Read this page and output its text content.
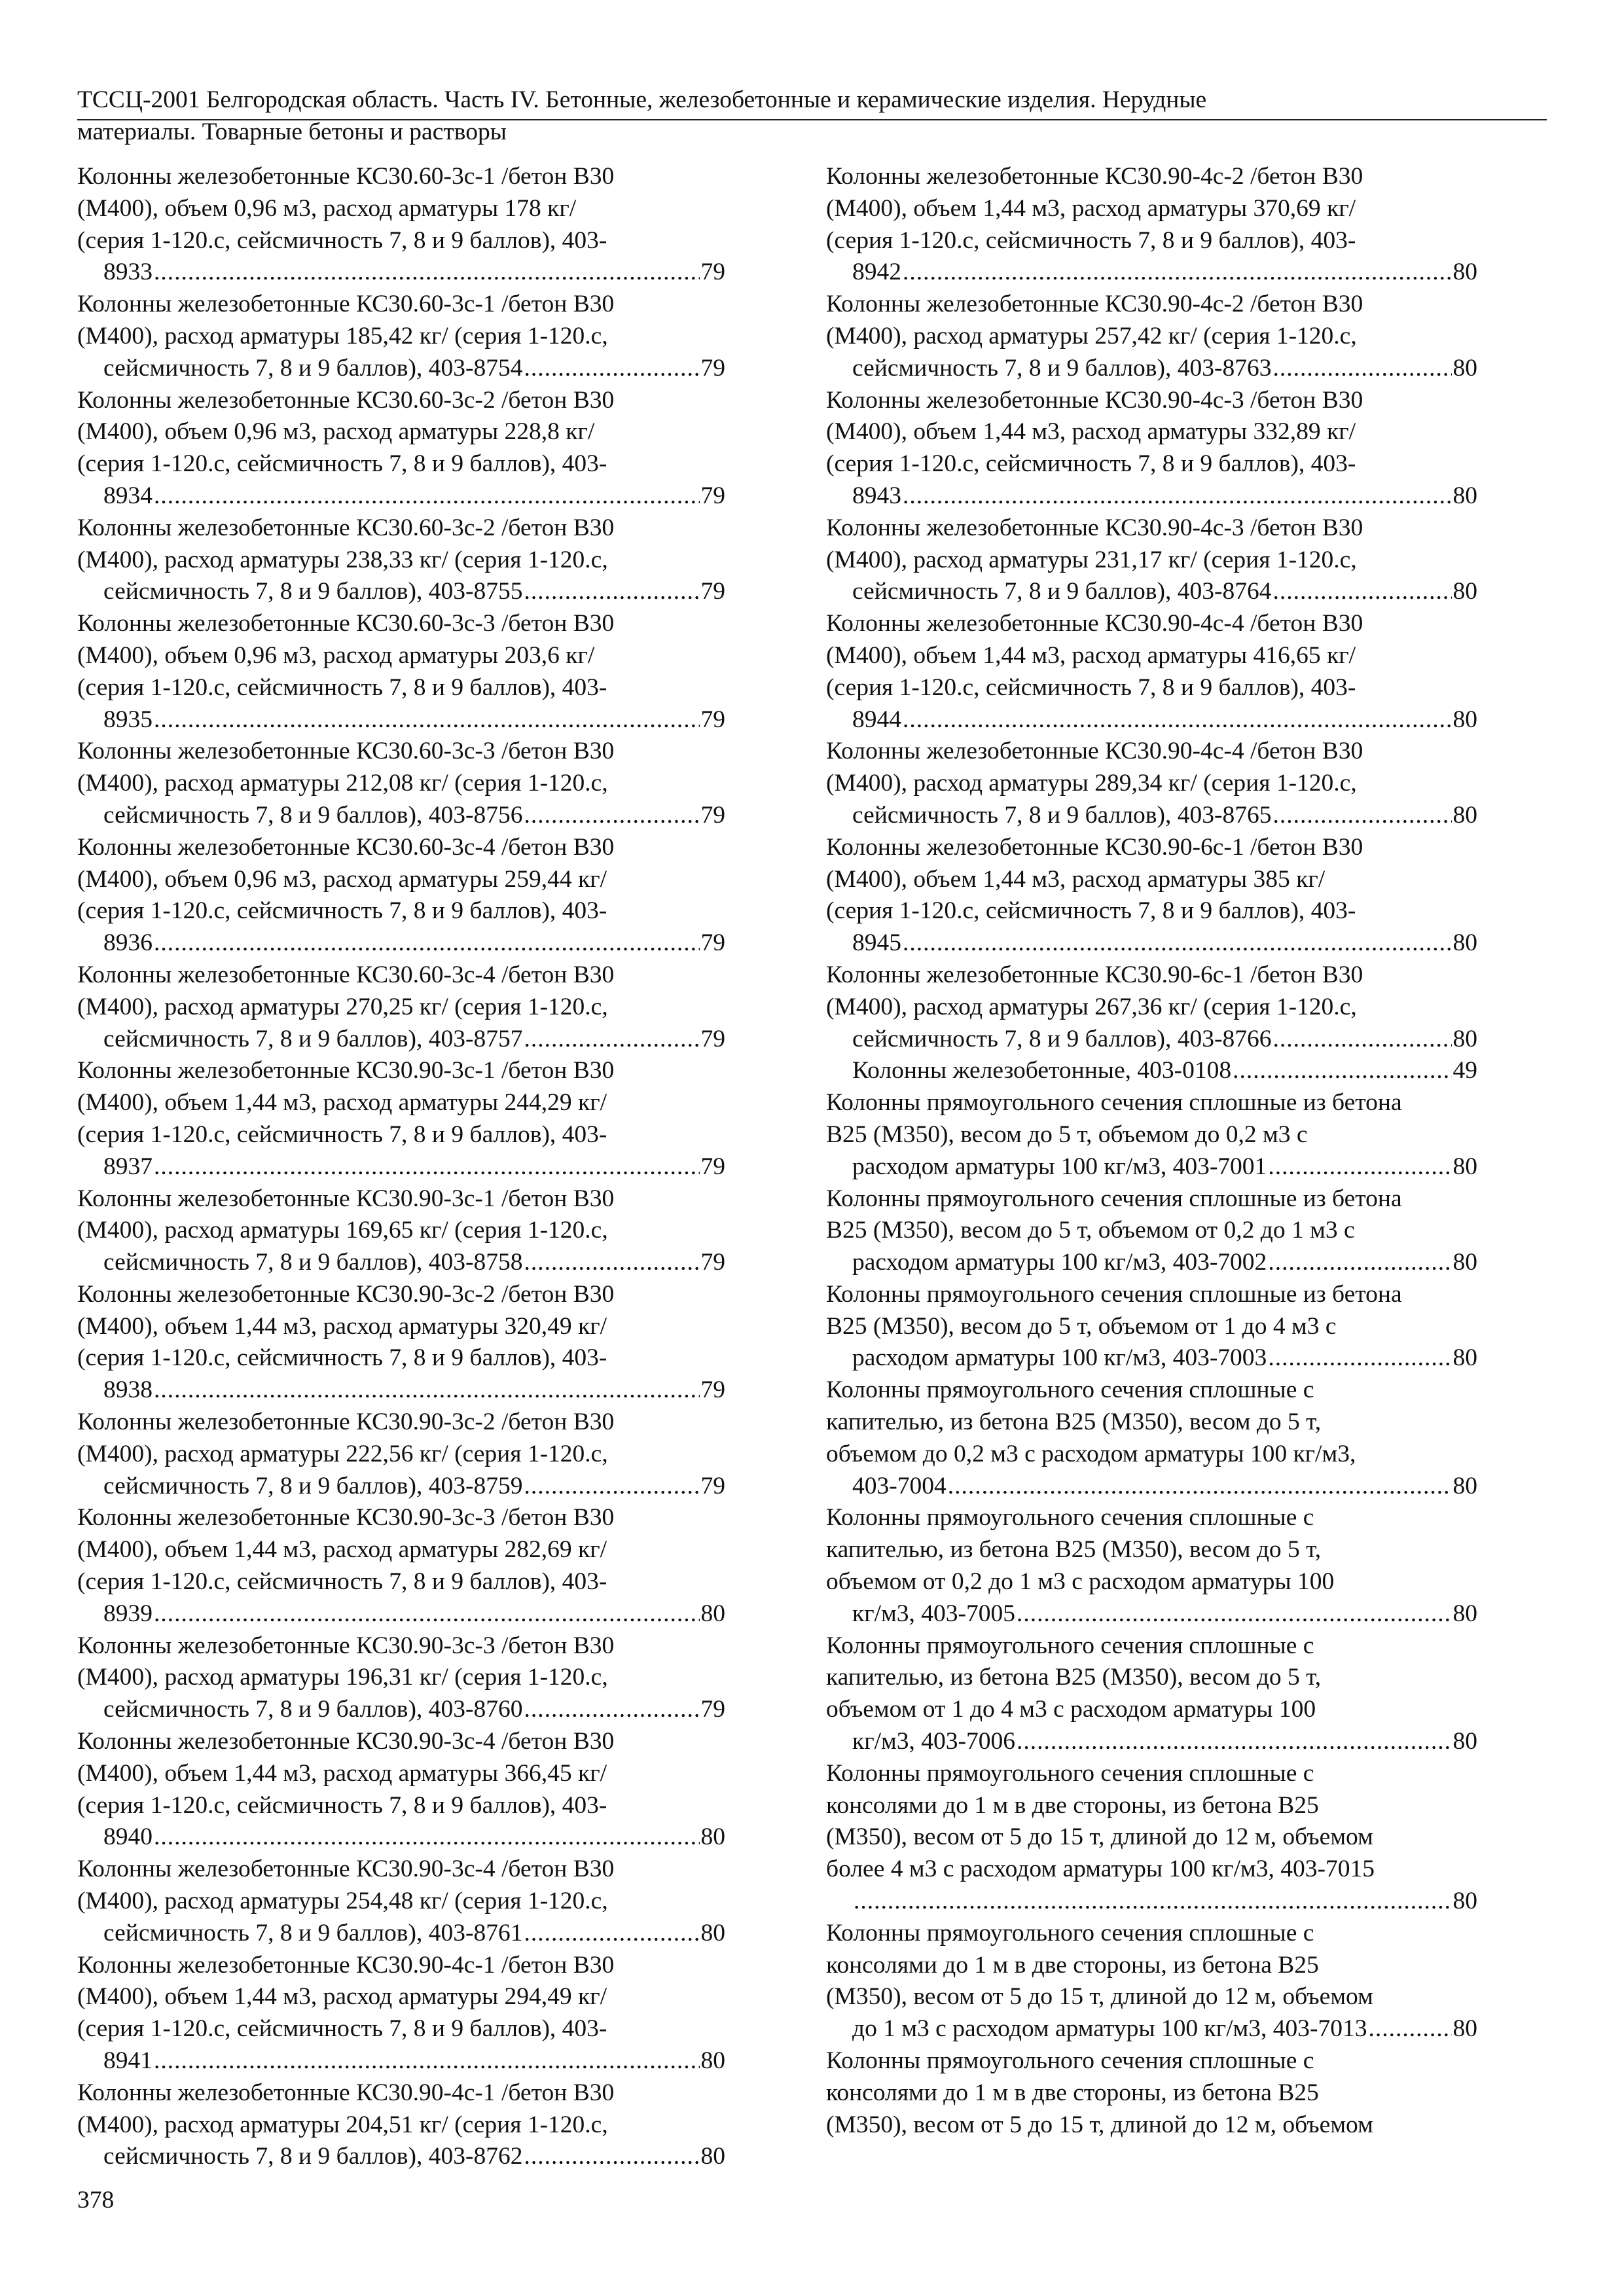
ТССЦ-2001 Белгородская область. Часть IV. Бетонные, железобетонные и керамические изделия. Нерудные
материалы. Товарные бетоны и растворы
Колонны железобетонные КС30.60-3с-1 /бетон В30
(М400), объем 0,96 м3, расход арматуры 178 кг/
(серия 1-120.с, сейсмичность 7, 8 и 9 баллов), 403-
8933 .....	79
Колонны железобетонные КС30.60-3с-1 /бетон В30
(М400), расход арматуры 185,42 кг/ (серия 1-120.с,
сейсмичность 7, 8 и 9 баллов), 403-8754 .....	79
Колонны железобетонные КС30.60-3с-2 /бетон В30
(М400), объем 0,96 м3, расход арматуры 228,8 кг/
(серия 1-120.с, сейсмичность 7, 8 и 9 баллов), 403-
8934 .....	79
Колонны железобетонные КС30.60-3с-2 /бетон В30
(М400), расход арматуры 238,33 кг/ (серия 1-120.с,
сейсмичность 7, 8 и 9 баллов), 403-8755 .....	79
Колонны железобетонные КС30.60-3с-3 /бетон В30
(М400), объем 0,96 м3, расход арматуры 203,6 кг/
(серия 1-120.с, сейсмичность 7, 8 и 9 баллов), 403-
8935 .....	79
Колонны железобетонные КС30.60-3с-3 /бетон В30
(М400), расход арматуры 212,08 кг/ (серия 1-120.с,
сейсмичность 7, 8 и 9 баллов), 403-8756 .....	79
Колонны железобетонные КС30.60-3с-4 /бетон В30
(М400), объем 0,96 м3, расход арматуры 259,44 кг/
(серия 1-120.с, сейсмичность 7, 8 и 9 баллов), 403-
8936 .....	79
Колонны железобетонные КС30.60-3с-4 /бетон В30
(М400), расход арматуры 270,25 кг/ (серия 1-120.с,
сейсмичность 7, 8 и 9 баллов), 403-8757 .....	79
Колонны железобетонные КС30.90-3с-1 /бетон В30
(М400), объем 1,44 м3, расход арматуры 244,29 кг/
(серия 1-120.с, сейсмичность 7, 8 и 9 баллов), 403-
8937 .....	79
Колонны железобетонные КС30.90-3с-1 /бетон В30
(М400), расход арматуры 169,65 кг/ (серия 1-120.с,
сейсмичность 7, 8 и 9 баллов), 403-8758 .....	79
Колонны железобетонные КС30.90-3с-2 /бетон В30
(М400), объем 1,44 м3, расход арматуры 320,49 кг/
(серия 1-120.с, сейсмичность 7, 8 и 9 баллов), 403-
8938 .....	79
Колонны железобетонные КС30.90-3с-2 /бетон В30
(М400), расход арматуры 222,56 кг/ (серия 1-120.с,
сейсмичность 7, 8 и 9 баллов), 403-8759 .....	79
Колонны железобетонные КС30.90-3с-3 /бетон В30
(М400), объем 1,44 м3, расход арматуры 282,69 кг/
(серия 1-120.с, сейсмичность 7, 8 и 9 баллов), 403-
8939 .....	80
Колонны железобетонные КС30.90-3с-3 /бетон В30
(М400), расход арматуры 196,31 кг/ (серия 1-120.с,
сейсмичность 7, 8 и 9 баллов), 403-8760 .....	79
Колонны железобетонные КС30.90-3с-4 /бетон В30
(М400), объем 1,44 м3, расход арматуры 366,45 кг/
(серия 1-120.с, сейсмичность 7, 8 и 9 баллов), 403-
8940 .....	80
Колонны железобетонные КС30.90-3с-4 /бетон В30
(М400), расход арматуры 254,48 кг/ (серия 1-120.с,
сейсмичность 7, 8 и 9 баллов), 403-8761 .....	80
Колонны железобетонные КС30.90-4с-1 /бетон В30
(М400), объем 1,44 м3, расход арматуры 294,49 кг/
(серия 1-120.с, сейсмичность 7, 8 и 9 баллов), 403-
8941 .....	80
Колонны железобетонные КС30.90-4с-1 /бетон В30
(М400), расход арматуры 204,51 кг/ (серия 1-120.с,
сейсмичность 7, 8 и 9 баллов), 403-8762 .....	80
Колонны железобетонные КС30.90-4с-2 /бетон В30
(М400), объем 1,44 м3, расход арматуры 370,69 кг/
(серия 1-120.с, сейсмичность 7, 8 и 9 баллов), 403-
8942 .....	80
Колонны железобетонные КС30.90-4с-2 /бетон В30
(М400), расход арматуры 257,42 кг/ (серия 1-120.с,
сейсмичность 7, 8 и 9 баллов), 403-8763 .....	80
Колонны железобетонные КС30.90-4с-3 /бетон В30
(М400), объем 1,44 м3, расход арматуры 332,89 кг/
(серия 1-120.с, сейсмичность 7, 8 и 9 баллов), 403-
8943 .....	80
Колонны железобетонные КС30.90-4с-3 /бетон В30
(М400), расход арматуры 231,17 кг/ (серия 1-120.с,
сейсмичность 7, 8 и 9 баллов), 403-8764 .....	80
Колонны железобетонные КС30.90-4с-4 /бетон В30
(М400), объем 1,44 м3, расход арматуры 416,65 кг/
(серия 1-120.с, сейсмичность 7, 8 и 9 баллов), 403-
8944 .....	80
Колонны железобетонные КС30.90-4с-4 /бетон В30
(М400), расход арматуры 289,34 кг/ (серия 1-120.с,
сейсмичность 7, 8 и 9 баллов), 403-8765 .....	80
Колонны железобетонные КС30.90-6с-1 /бетон В30
(М400), объем 1,44 м3, расход арматуры 385 кг/
(серия 1-120.с, сейсмичность 7, 8 и 9 баллов), 403-
8945 .....	80
Колонны железобетонные КС30.90-6с-1 /бетон В30
(М400), расход арматуры 267,36 кг/ (серия 1-120.с,
сейсмичность 7, 8 и 9 баллов), 403-8766 .....	80
Колонны железобетонные, 403-0108 .....	49
Колонны прямоугольного сечения сплошные из бетона
В25 (М350), весом до 5 т, объемом до 0,2 м3 с
расходом арматуры 100 кг/м3, 403-7001 .....	80
Колонны прямоугольного сечения сплошные из бетона
В25 (М350), весом до 5 т, объемом от 0,2 до 1 м3 с
расходом арматуры 100 кг/м3, 403-7002 .....	80
Колонны прямоугольного сечения сплошные из бетона
В25 (М350), весом до 5 т, объемом от 1 до 4 м3 с
расходом арматуры 100 кг/м3, 403-7003 .....	80
Колонны прямоугольного сечения сплошные с
капителью, из бетона В25 (М350), весом до 5 т,
объемом до 0,2 м3 с расходом арматуры 100 кг/м3,
403-7004 .....	80
Колонны прямоугольного сечения сплошные с
капителью, из бетона В25 (М350), весом до 5 т,
объемом от 0,2 до 1 м3 с расходом арматуры 100
кг/м3, 403-7005 .....	80
Колонны прямоугольного сечения сплошные с
капителью, из бетона В25 (М350), весом до 5 т,
объемом от 1 до 4 м3 с расходом арматуры 100
кг/м3, 403-7006 .....	80
Колонны прямоугольного сечения сплошные с
консолями до 1 м в две стороны, из бетона В25
(М350), весом от 5 до 15 т, длиной до 12 м, объемом
более 4 м3 с расходом арматуры 100 кг/м3, 403-7015
.....
80
Колонны прямоугольного сечения сплошные с
консолями до 1 м в две стороны, из бетона В25
(М350), весом от 5 до 15 т, длиной до 12 м, объемом
до 1 м3 с расходом арматуры 100 кг/м3, 403-7013 .....	80
Колонны прямоугольного сечения сплошные с
консолями до 1 м в две стороны, из бетона В25
(М350), весом от 5 до 15 т, длиной до 12 м, объемом
378
